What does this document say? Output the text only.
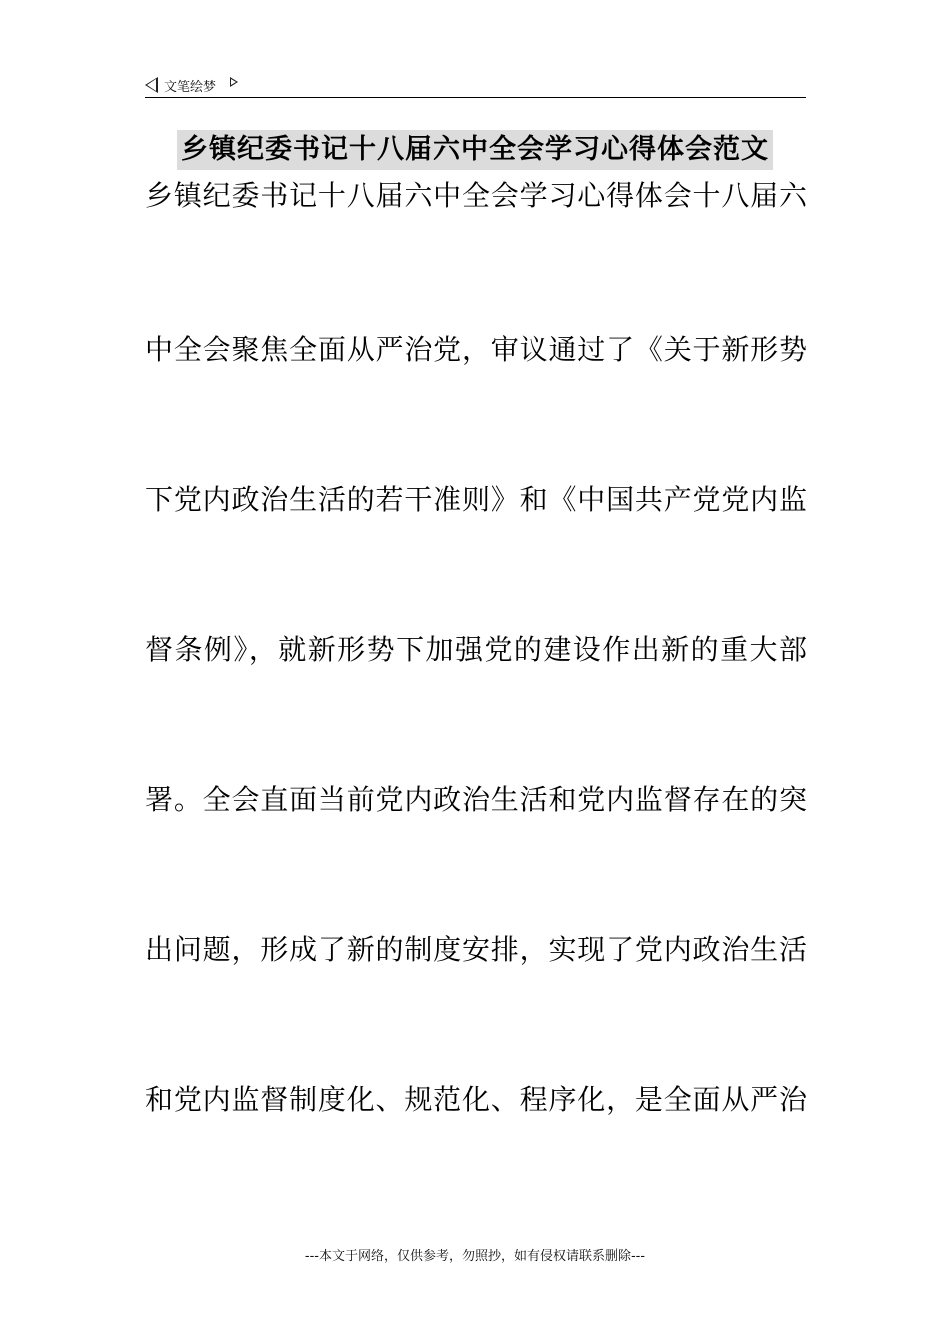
文笔绘梦
乡镇纪委书记十八届六中全会学习心得体会范文
乡镇纪委书记十八届六中全会学习心得体会十八届六
中全会聚焦全面从严治党，审议通过了《关于新形势
下党内政治生活的若干准则》和《中国共产党党内监
督条例》，就新形势下加强党的建设作出新的重大部
署。全会直面当前党内政治生活和党内监督存在的突
出问题，形成了新的制度安排，实现了党内政治生活
和党内监督制度化、规范化、程序化，是全面从严治
---本文于网络，仅供参考，勿照抄，如有侵权请联系删除---
